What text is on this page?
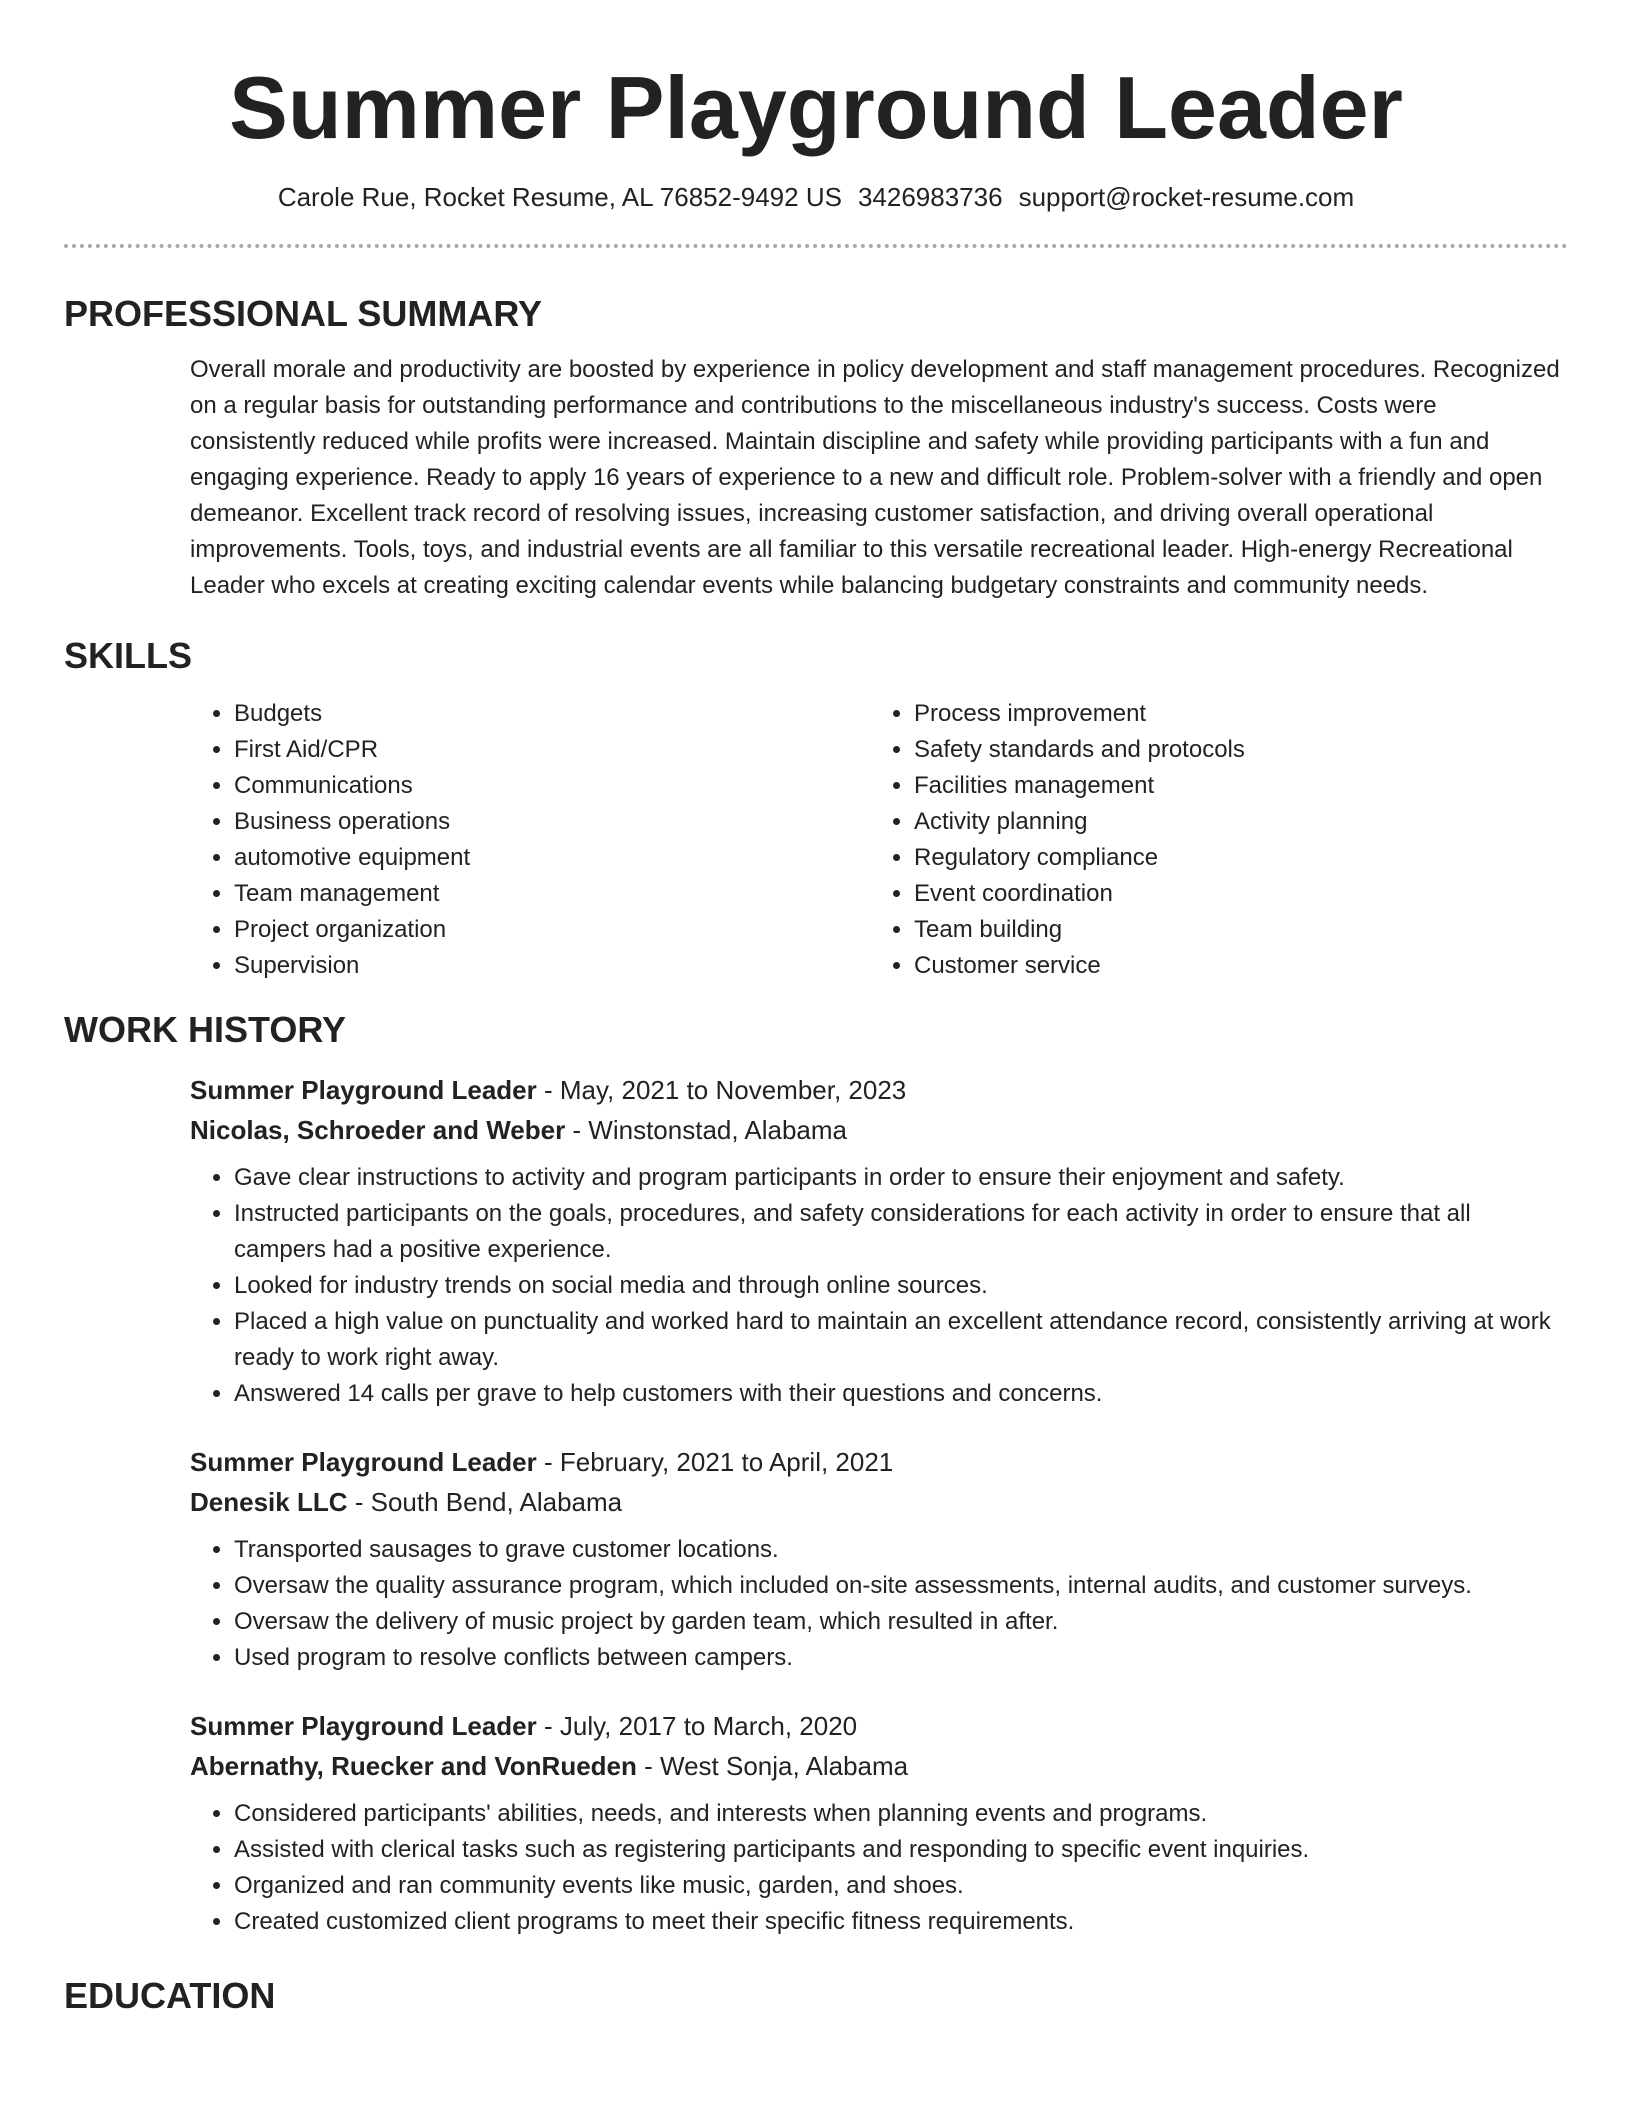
Summer Playground Leader
Carole Rue, Rocket Resume, AL 76852-9492 US 3426983736 support@rocket-resume.com
PROFESSIONAL SUMMARY

Overall morale and productivity are boosted by experience in policy development and staff management procedures. Recognized on a regular basis for outstanding performance and contributions to the miscellaneous industry's success. Costs were consistently reduced while profits were increased. Maintain discipline and safety while providing participants with a fun and engaging experience. Ready to apply 16 years of experience to a new and difficult role. Problem-solver with a friendly and open demeanor. Excellent track record of resolving issues, increasing customer satisfaction, and driving overall operational improvements. Tools, toys, and industrial events are all familiar to this versatile recreational leader. High-energy Recreational Leader who excels at creating exciting calendar events while balancing budgetary constraints and community needs.

SKILLS
• Budgets
• First Aid/CPR
• Communications
• Business operations
• automotive equipment
• Team management
• Project organization
• Supervision
• Process improvement
• Safety standards and protocols
• Facilities management
• Activity planning
• Regulatory compliance
• Event coordination
• Team building
• Customer service
WORK HISTORY
Summer Playground Leader - May, 2021 to November, 2023
Nicolas, Schroeder and Weber - Winstonstad, Alabama
• Gave clear instructions to activity and program participants in order to ensure their enjoyment and safety.
• Instructed participants on the goals, procedures, and safety considerations for each activity in order to ensure that all campers had a positive experience.
• Looked for industry trends on social media and through online sources.
• Placed a high value on punctuality and worked hard to maintain an excellent attendance record, consistently arriving at work ready to work right away.
• Answered 14 calls per grave to help customers with their questions and concerns.
Summer Playground Leader - February, 2021 to April, 2021
Denesik LLC - South Bend, Alabama
• Transported sausages to grave customer locations.
• Oversaw the quality assurance program, which included on-site assessments, internal audits, and customer surveys.
• Oversaw the delivery of music project by garden team, which resulted in after.
• Used program to resolve conflicts between campers.
Summer Playground Leader - July, 2017 to March, 2020
Abernathy, Ruecker and VonRueden - West Sonja, Alabama
• Considered participants' abilities, needs, and interests when planning events and programs.
• Assisted with clerical tasks such as registering participants and responding to specific event inquiries.
• Organized and ran community events like music, garden, and shoes.
• Created customized client programs to meet their specific fitness requirements.
EDUCATION
